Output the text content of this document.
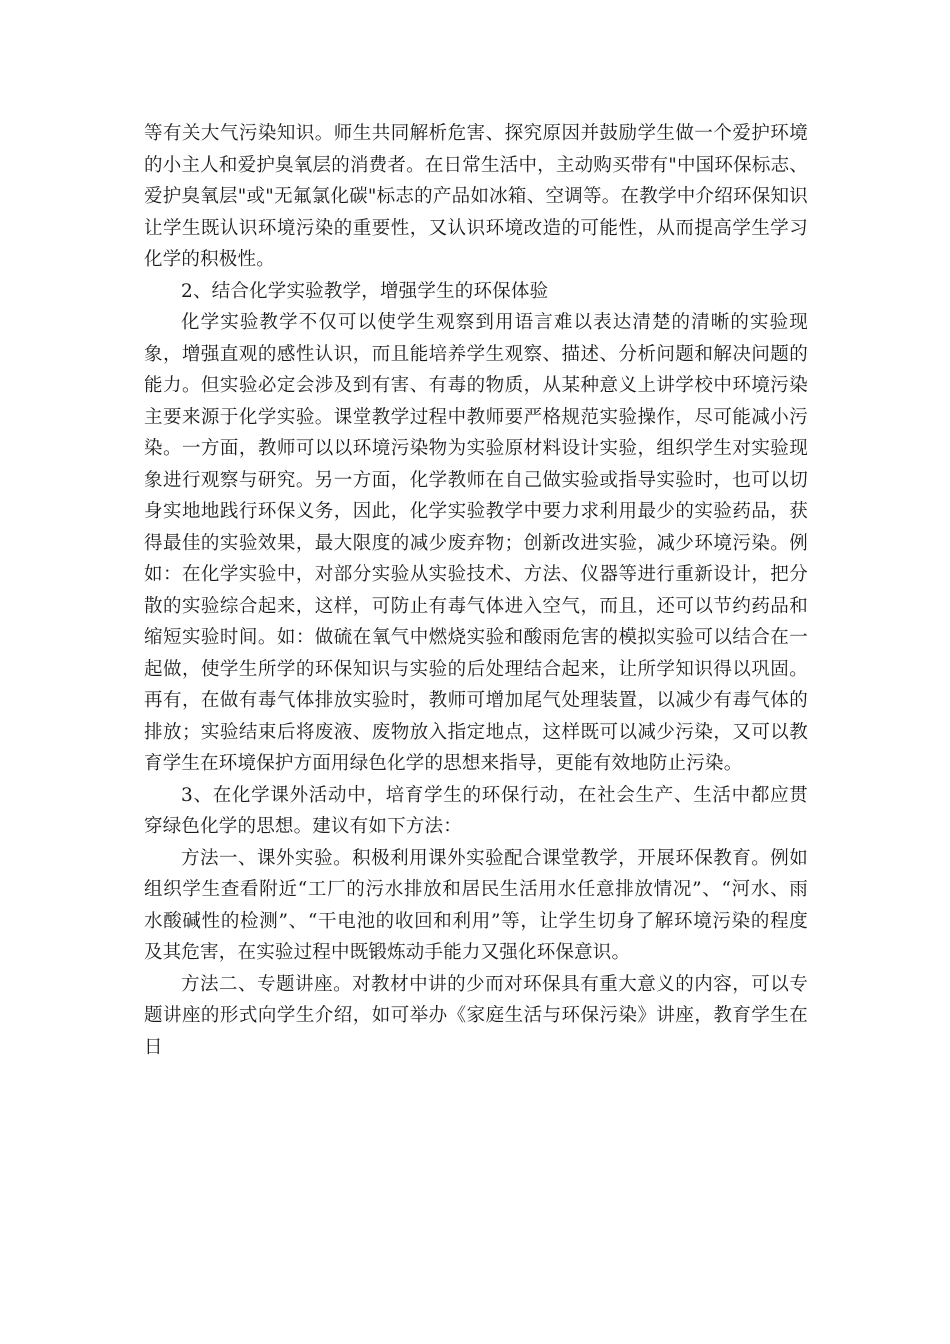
等有关大气污染知识。师生共同解析危害、探究原因并鼓励学生做一个爱护环境的小主人和爱护臭氧层的消费者。在日常生活中，主动购买带有"中国环保标志、爱护臭氧层"或"无氟氯化碳"标志的产品如冰箱、空调等。在教学中介绍环保知识让学生既认识环境污染的重要性，又认识环境改造的可能性，从而提高学生学习化学的积极性。

2、结合化学实验教学，增强学生的环保体验

化学实验教学不仅可以使学生观察到用语言难以表达清楚的清晰的实验现象，增强直观的感性认识，而且能培养学生观察、描述、分析问题和解决问题的能力。但实验必定会涉及到有害、有毒的物质，从某种意义上讲学校中环境污染主要来源于化学实验。课堂教学过程中教师要严格规范实验操作，尽可能减小污染。一方面，教师可以以环境污染物为实验原材料设计实验，组织学生对实验现象进行观察与研究。另一方面，化学教师在自己做实验或指导实验时，也可以切身实地地践行环保义务，因此，化学实验教学中要力求利用最少的实验药品，获得最佳的实验效果，最大限度的减少废弃物；创新改进实验，减少环境污染。例如：在化学实验中，对部分实验从实验技术、方法、仪器等进行重新设计，把分散的实验综合起来，这样，可防止有毒气体进入空气，而且，还可以节约药品和缩短实验时间。如：做硫在氧气中燃烧实验和酸雨危害的模拟实验可以结合在一起做，使学生所学的环保知识与实验的后处理结合起来，让所学知识得以巩固。再有，在做有毒气体排放实验时，教师可增加尾气处理装置，以减少有毒气体的排放；实验结束后将废液、废物放入指定地点，这样既可以减少污染，又可以教育学生在环境保护方面用绿色化学的思想来指导，更能有效地防止污染。

3、在化学课外活动中，培育学生的环保行动，在社会生产、生活中都应贯穿绿色化学的思想。建议有如下方法：

方法一、课外实验。积极利用课外实验配合课堂教学，开展环保教育。例如组织学生查看附近“工厂的污水排放和居民生活用水任意排放情况”、“河水、雨水酸碱性的检测”、“干电池的收回和利用”等，让学生切身了解环境污染的程度及其危害，在实验过程中既锻炼动手能力又强化环保意识。

方法二、专题讲座。对教材中讲的少而对环保具有重大意义的内容，可以专题讲座的形式向学生介绍，如可举办《家庭生活与环保污染》讲座，教育学生在日
